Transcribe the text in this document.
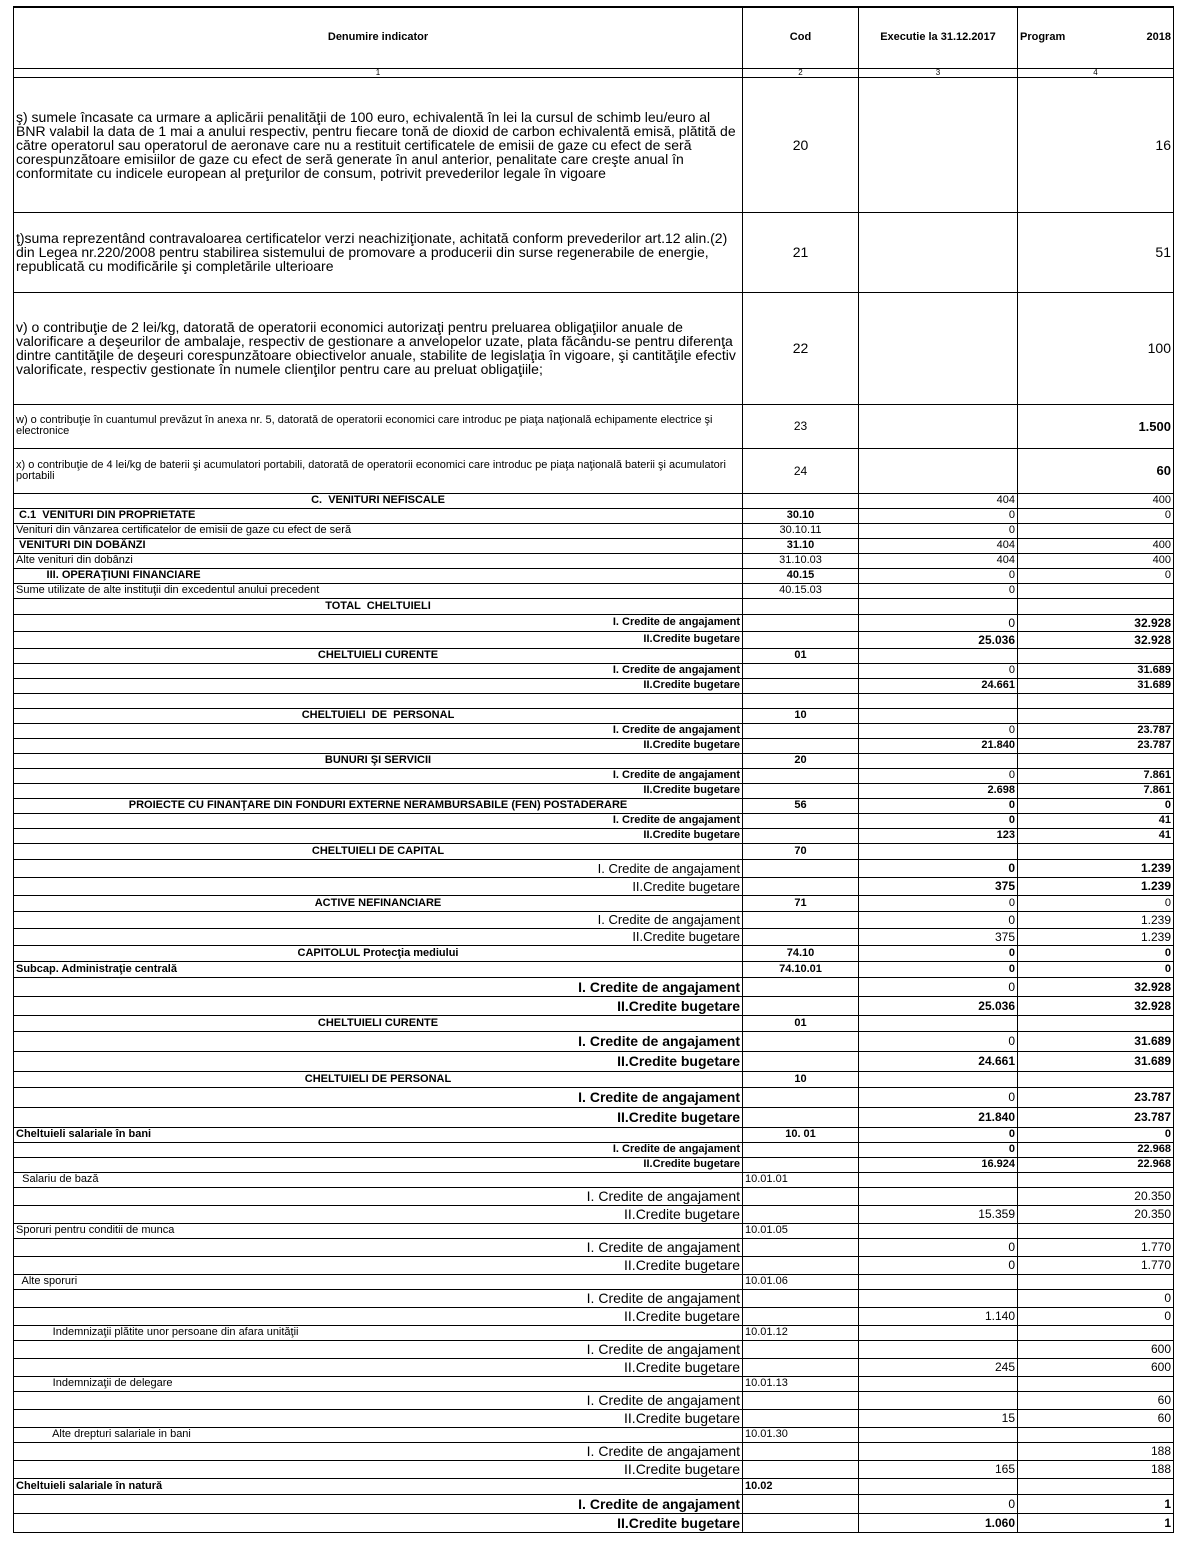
Denumire indicator	Cod	Executie la 31.12.2017	Program 2018

1	2	3	4
ş) sumele încasate ca urmare a aplicării penalităţii de 100 euro, echivalentă în lei la cursul de schimb leu/euro al BNR valabil la data de 1 mai a anului respectiv, pentru fiecare tonă de dioxid de carbon echivalentă emisă, plătită de către operatorul sau operatorul de aeronave care nu a restituit certificatele de emisii de gaze cu efect de seră corespunzătoare emisiilor de gaze cu efect de seră generate în anul anterior, penalitate care creşte anual în conformitate cu indicele european al preţurilor de consum, potrivit prevederilor legale în vigoare	20		16
ţ)suma reprezentând contravaloarea certificatelor verzi neachiziţionate, achitată conform prevederilor art.12 alin.(2) din Legea nr.220/2008 pentru stabilirea sistemului de promovare a producerii din surse regenerabile de energie, republicată cu modificările şi completările ulterioare	21		51
v) o contribuţie de 2 lei/kg, datorată de operatorii economici autorizaţi pentru preluarea obligaţiilor anuale de valorificare a deşeurilor de ambalaje, respectiv de gestionare a anvelopelor uzate, plata făcându-se pentru diferenţa dintre cantităţile de deşeuri corespunzătoare obiectivelor anuale, stabilite de legislaţia în vigoare, şi cantităţile efectiv valorificate, respectiv gestionate în numele clienţilor pentru care au preluat obligaţiile;	22		100
w) o contribuţie în cuantumul prevăzut în anexa nr. 5, datorată de operatorii economici care introduc pe piaţa naţională echipamente electrice şi electronice	23		1.500
x) o contribuţie de 4 lei/kg de baterii şi acumulatori portabili, datorată de operatorii economici care introduc pe piaţa naţională baterii şi acumulatori portabili	24		60
C.  VENITURI NEFISCALE		404	400
C.1  VENITURI DIN PROPRIETATE	30.10	0	0
Venituri din vânzarea certificatelor de emisii de gaze cu efect de seră	30.10.11	0	
VENITURI DIN DOBÂNZI	31.10	404	400
Alte venituri din dobânzi	31.10.03	404	400
III. OPERAŢIUNI FINANCIARE	40.15	0	0
Sume utilizate de alte instituţii din excedentul anului precedent	40.15.03	0	
TOTAL  CHELTUIELI			
I. Credite de angajament		0	32.928
II.Credite bugetare		25.036	32.928
CHELTUIELI CURENTE	01		
I. Credite de angajament		0	31.689
II.Credite bugetare		24.661	31.689

CHELTUIELI  DE  PERSONAL	10		
I. Credite de angajament		0	23.787
II.Credite bugetare		21.840	23.787
BUNURI ŞI SERVICII	20		
I. Credite de angajament		0	7.861
II.Credite bugetare		2.698	7.861
PROIECTE CU FINANŢARE DIN FONDURI EXTERNE NERAMBURSABILE (FEN) POSTADERARE	56	0	0
I. Credite de angajament		0	41
II.Credite bugetare		123	41
CHELTUIELI DE CAPITAL	70		
I. Credite de angajament		0	1.239
II.Credite bugetare		375	1.239
ACTIVE NEFINANCIARE	71	0	0
I. Credite de angajament		0	1.239
II.Credite bugetare		375	1.239
CAPITOLUL Protecţia mediului	74.10	0	0
Subcap. Administraţie centrală	74.10.01	0	0
I. Credite de angajament		0	32.928
II.Credite bugetare		25.036	32.928
CHELTUIELI CURENTE	01		
I. Credite de angajament		0	31.689
II.Credite bugetare		24.661	31.689
CHELTUIELI DE PERSONAL	10		
I. Credite de angajament		0	23.787
II.Credite bugetare		21.840	23.787
Cheltuieli salariale în bani	10. 01	0	0
I. Credite de angajament		0	22.968
II.Credite bugetare		16.924	22.968
Salariu de bază	10.01.01		
I. Credite de angajament			20.350
II.Credite bugetare		15.359	20.350
Sporuri pentru conditii de munca	10.01.05		
I. Credite de angajament		0	1.770
II.Credite bugetare		0	1.770
Alte sporuri	10.01.06		
I. Credite de angajament			0
II.Credite bugetare		1.140	0
Indemnizaţii plătite unor persoane din afara unităţii	10.01.12		
I. Credite de angajament			600
II.Credite bugetare		245	600
Indemnizaţii de delegare	10.01.13		
I. Credite de angajament			60
II.Credite bugetare		15	60
Alte drepturi salariale in bani	10.01.30		
I. Credite de angajament			188
II.Credite bugetare		165	188
Cheltuieli salariale în natură	10.02		
I. Credite de angajament		0	1
II.Credite bugetare		1.060	1
